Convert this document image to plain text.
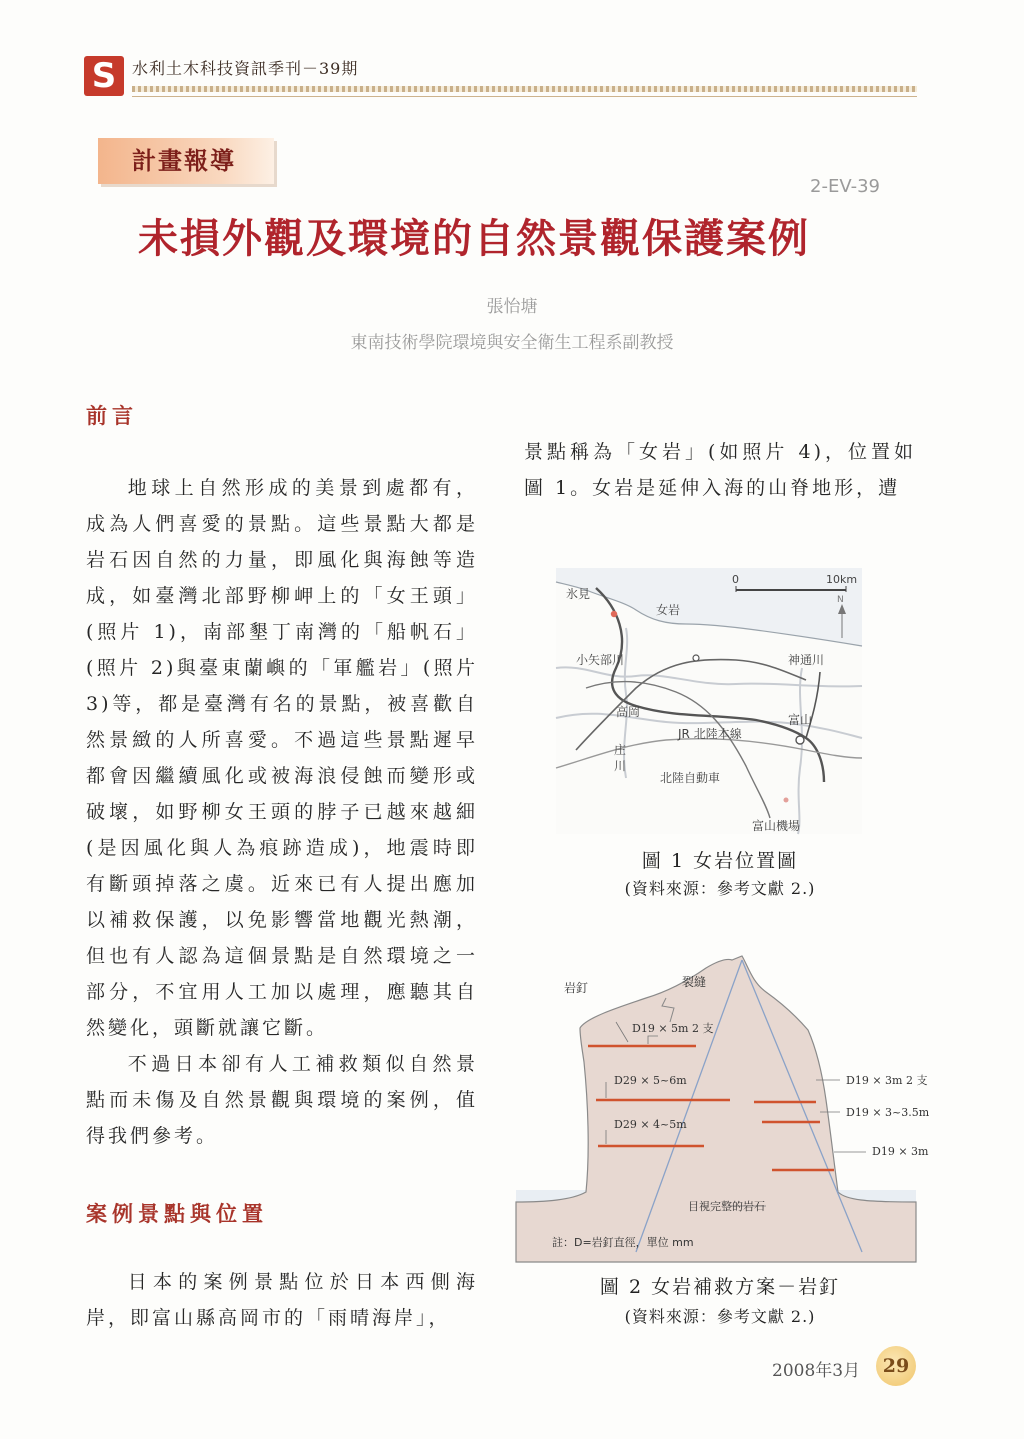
S 水利土木科技資訊季刊－39期
計畫報導
2-EV-39
未損外觀及環境的自然景觀保護案例
張怡塘
東南技術學院環境與安全衛生工程系副教授
前言

地球上自然形成的美景到處都有，成為人們喜愛的景點。這些景點大都是岩石因自然的力量，即風化與海蝕等造成，如臺灣北部野柳岬上的「女王頭」(照片 1)，南部墾丁南灣的「船帆石」(照片 2)與臺東蘭嶼的「軍艦岩」(照片 3)等，都是臺灣有名的景點，被喜歡自然景緻的人所喜愛。不過這些景點遲早都會因繼續風化或被海浪侵蝕而變形或破壞，如野柳女王頭的脖子已越來越細(是因風化與人為痕跡造成)，地震時即有斷頭掉落之虞。近來已有人提出應加以補救保護，以免影響當地觀光熱潮，但也有人認為這個景點是自然環境之一部分，不宜用人工加以處理，應聽其自然變化，頭斷就讓它斷。

不過日本卻有人工補救類似自然景點而未傷及自然景觀與環境的案例，值得我們參考。

案例景點與位置

日本的案例景點位於日本西側海岸，即富山縣高岡市的「雨晴海岸」，

景點稱為「女岩」(如照片 4)，位置如圖 1。女岩是延伸入海的山脊地形，遭

0	10km
N
氷見
女岩
小矢部川	神通川
高岡
JR 北陸本線
富山
庄
川
北陸自動車
富山機場
圖 1 女岩位置圖
(資料來源：參考文獻 2.)
岩釘	裂縫
D19 × 5m 2 支
D29 × 5~6m
D29 × 4~5m
D19 × 3m 2 支
D19 × 3~3.5m
D19 × 3m
目視完整的岩石
註：D=岩釘直徑，單位 mm
圖 2 女岩補救方案－岩釘
(資料來源：參考文獻 2.)
2008年3月	29
